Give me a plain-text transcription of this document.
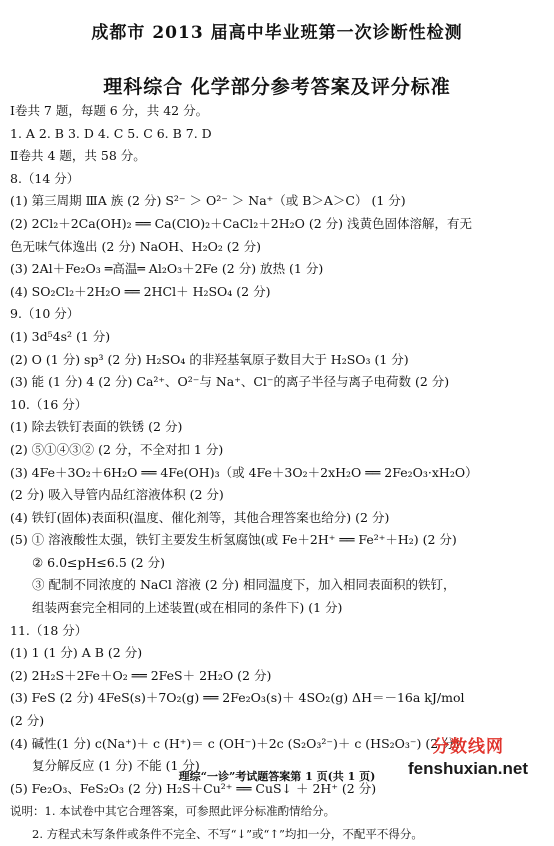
成都市 2013 届高中毕业班第一次诊断性检测
理科综合 化学部分参考答案及评分标准
Ⅰ卷共 7 题，每题 6 分，共 42 分。
1. A 2. B 3. D 4. C 5. C 6. B 7. D
Ⅱ卷共 4 题，共 58 分。
8.（14 分）
(1) 第三周期 ⅢA 族 (2 分) S²⁻ ＞ O²⁻ ＞ Na⁺（或 B＞A＞C） (1 分)
(2) 2Cl₂＋2Ca(OH)₂ ══ Ca(ClO)₂＋CaCl₂＋2H₂O (2 分) 浅黄色固体溶解，有无
色无味气体逸出 (2 分) NaOH、H₂O₂ (2 分)
(3) 2Al＋Fe₂O₃ ═高温═ Al₂O₃＋2Fe (2 分) 放热 (1 分)
(4) SO₂Cl₂＋2H₂O ══ 2HCl＋ H₂SO₄ (2 分)
9.（10 分）
(1) 3d⁵4s² (1 分)
(2) O (1 分) sp³ (2 分) H₂SO₄ 的非羟基氧原子数目大于 H₂SO₃ (1 分)
(3) 能 (1 分) 4 (2 分) Ca²⁺、O²⁻与 Na⁺、Cl⁻的离子半径与离子电荷数 (2 分)
10.（16 分）
(1) 除去铁钉表面的铁锈 (2 分)
(2) ⑤①④③② (2 分，不全对扣 1 分)
(3) 4Fe＋3O₂＋6H₂O ══ 4Fe(OH)₃（或 4Fe＋3O₂＋2xH₂O ══ 2Fe₂O₃·xH₂O）
(2 分) 吸入导管内品红溶液体积 (2 分)
(4) 铁钉(固体)表面积(温度、催化剂等，其他合理答案也给分) (2 分)
(5) ① 溶液酸性太强，铁钉主要发生析氢腐蚀(或 Fe＋2H⁺ ══ Fe²⁺＋H₂) (2 分)
② 6.0≤pH≤6.5 (2 分)
③ 配制不同浓度的 NaCl 溶液 (2 分) 相同温度下，加入相同表面积的铁钉，
组装两套完全相同的上述装置(或在相同的条件下) (1 分)
11.（18 分）
(1) 1 (1 分) A B (2 分)
(2) 2H₂S＋2Fe＋O₂ ══ 2FeS＋ 2H₂O (2 分)
(3) FeS (2 分) 4FeS(s)＋7O₂(g) ══ 2Fe₂O₃(s)＋ 4SO₂(g) ΔH＝－16a kJ/mol
(2 分)
(4) 碱性(1 分) c(Na⁺)＋ c (H⁺)＝ c (OH⁻)＋2c (S₂O₃²⁻)＋ c (HS₂O₃⁻) (2 分)
复分解反应 (1 分) 不能 (1 分)
(5) Fe₂O₃、FeS₂O₃ (2 分) H₂S＋Cu²⁺ ══ CuS↓ ＋ 2H⁺ (2 分)
说明：1. 本试卷中其它合理答案，可参照此评分标准酌情给分。
2. 方程式未写条件或条件不完全、不写“↓”或“↑”均扣一分，不配平不得分。
理综“一诊”考试题答案第 1 页(共 1 页)
分数线网
fenshuxian.net
